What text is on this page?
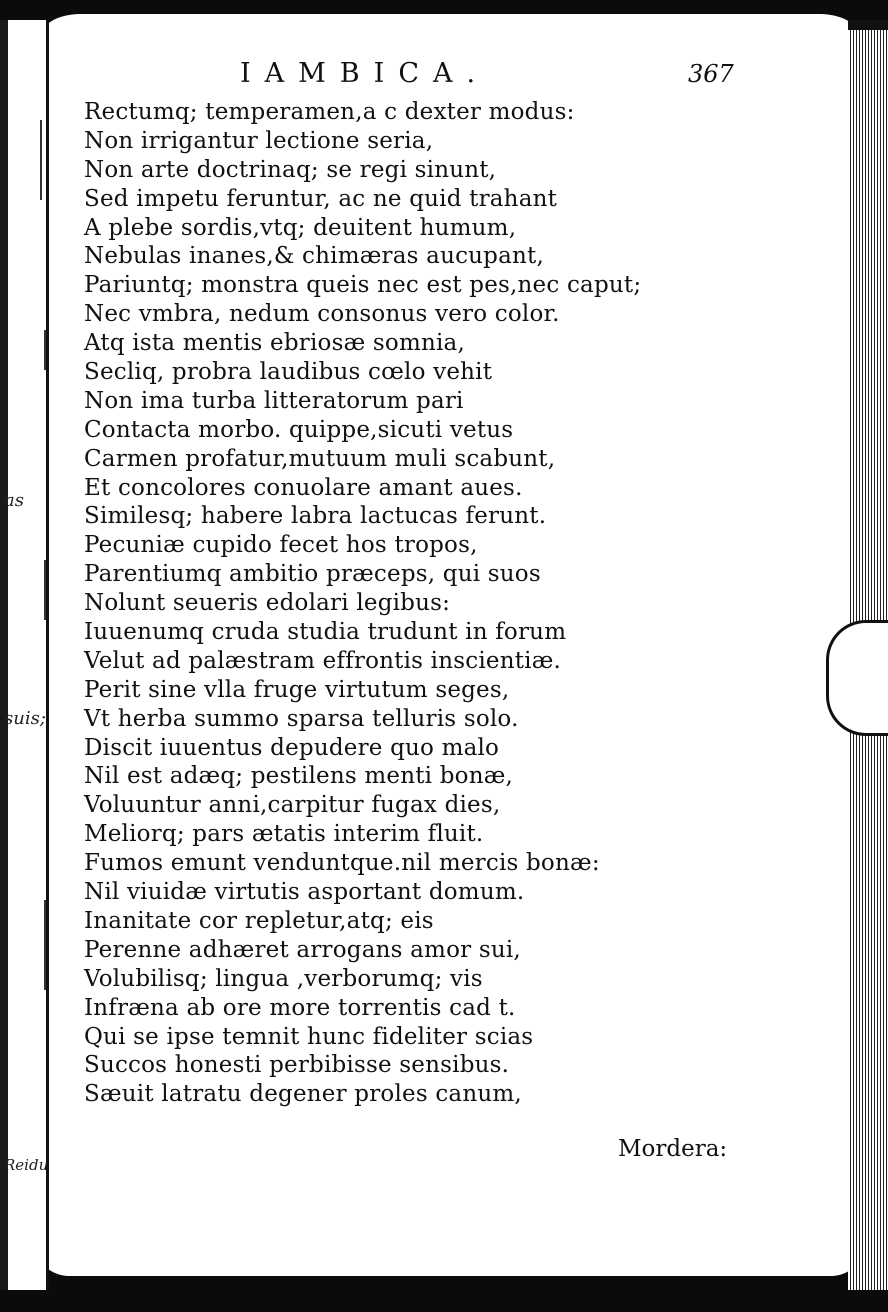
as
suis;
Reidu
IAMBICA.	367
Rectumq; temperamen,a c dexter modus:
Non irrigantur lectione seria,
Non arte doctrinaq; se regi sinunt,
Sed impetu feruntur, ac ne quid trahant
A plebe sordis,vtq; deuitent humum,
Nebulas inanes,& chimæras aucupant,
Pariuntq; monstra queis nec est pes,nec caput;
Nec vmbra, nedum consonus vero color.
Atq ista mentis ebriosæ somnia,
Secliq, probra laudibus cœlo vehit
Non ima turba litteratorum pari
Contacta morbo. quippe,sicuti vetus
Carmen profatur,mutuum muli scabunt,
Et concolores conuolare amant aues.
Similesq; habere labra lactucas ferunt.
Pecuniæ cupido fecet hos tropos,
Parentiumq ambitio præceps, qui suos
Nolunt seueris edolari legibus:
Iuuenumq cruda studia trudunt in forum
Velut ad palæstram effrontis inscientiæ.
Perit sine vlla fruge virtutum seges,
Vt herba summo sparsa telluris solo.
Discit iuuentus depudere quo malo
Nil est adæq; pestilens menti bonæ,
Voluuntur anni,carpitur fugax dies,
Meliorq; pars ætatis interim fluit.
Fumos emunt venduntque.nil mercis bonæ:
Nil viuidæ virtutis asportant domum.
Inanitate cor repletur,atq; eis
Perenne adhæret arrogans amor sui,
Volubilisq; lingua ,verborumq; vis
Infræna ab ore more torrentis cad t.
Qui se ipse temnit hunc fideliter scias
Succos honesti perbibisse sensibus.
Sæuit latratu degener proles canum,
Mordera:
